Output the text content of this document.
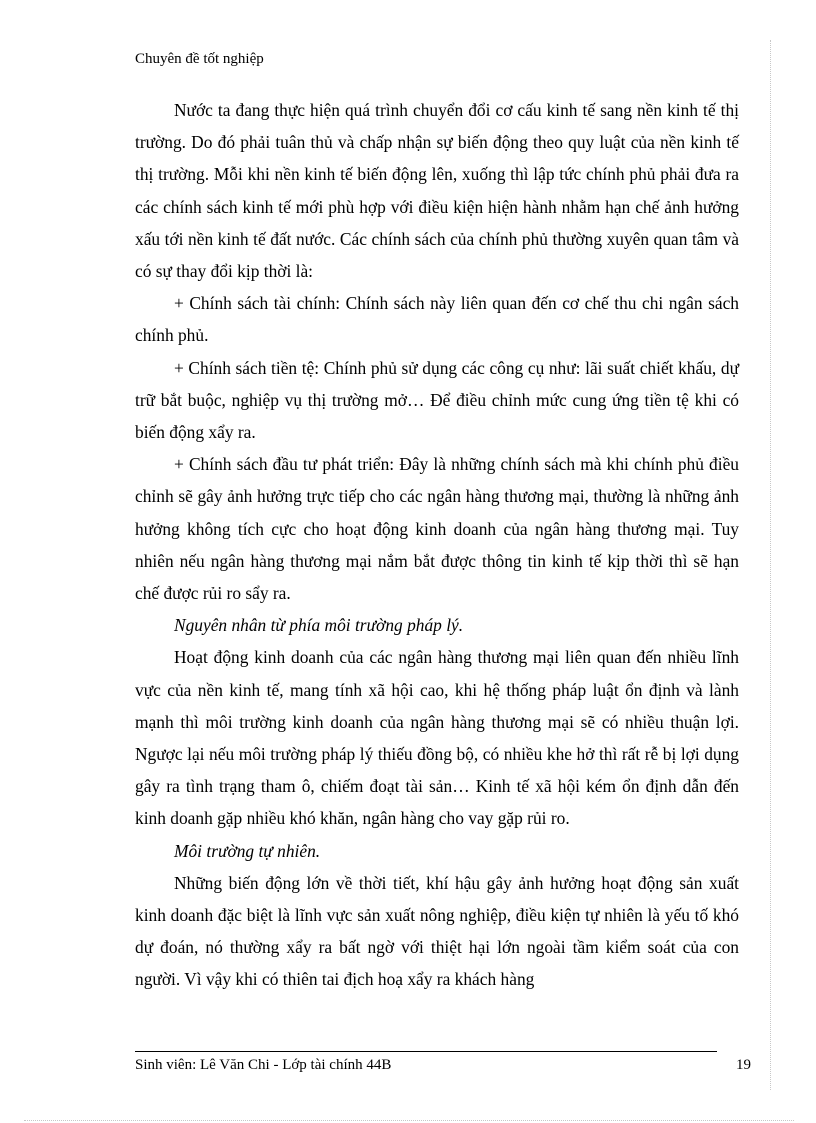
Chuyên đề tốt nghiệp

Nước ta đang thực hiện quá trình chuyển đổi cơ cấu kinh tế sang nền kinh tế thị trường. Do đó phải tuân thủ và chấp nhận sự biến động theo quy luật của nền kinh tế thị trường. Mỗi khi nền kinh tế biến động lên, xuống thì lập tức chính phủ phải đưa ra các chính sách kinh tế mới phù hợp với điều kiện hiện hành nhằm hạn chế ảnh hưởng xấu tới nền kinh tế đất nước. Các chính sách của chính phủ thường xuyên quan tâm và có sự thay đổi kịp thời là:

+ Chính sách tài chính: Chính sách này liên quan đến cơ chế thu chi ngân sách chính phủ.

+ Chính sách tiền tệ: Chính phủ sử dụng các công cụ như: lãi suất chiết khấu, dự trữ bắt buộc, nghiệp vụ thị trường mở… Để điều chỉnh mức cung ứng tiền tệ khi có biến động xẩy ra.

+ Chính sách đầu tư phát triển: Đây là những chính sách mà khi chính phủ điều chỉnh sẽ gây ảnh hưởng trực tiếp cho các ngân hàng thương mại, thường là những ảnh hưởng không tích cực cho hoạt động kinh doanh của ngân hàng thương mại. Tuy nhiên nếu ngân hàng thương mại nắm bắt được thông tin kinh tế kịp thời thì sẽ hạn chế được rủi ro sẩy ra.

Nguyên nhân từ phía môi trường pháp lý.

Hoạt động kinh doanh của các ngân hàng thương mại liên quan đến nhiều lĩnh vực của nền kinh tế, mang tính xã hội cao, khi hệ thống pháp luật ổn định và lành mạnh thì môi trường kinh doanh của ngân hàng thương mại sẽ có nhiều thuận lợi. Ngược lại nếu môi trường pháp lý thiếu đồng bộ, có nhiều khe hở thì rất rễ bị lợi dụng gây ra tình trạng tham ô, chiếm đoạt tài sản… Kinh tế xã hội kém ổn định dẫn đến kinh doanh gặp nhiều khó khăn, ngân hàng cho vay gặp rủi ro.

Môi trường tự nhiên.

Những biến động lớn về thời tiết, khí hậu gây ảnh hưởng hoạt động sản xuất kinh doanh đặc biệt là lĩnh vực sản xuất nông nghiệp, điều kiện tự nhiên là yếu tố khó dự đoán, nó thường xẩy ra bất ngờ với thiệt hại lớn ngoài tầm kiểm soát của con người. Vì vậy khi có thiên tai địch hoạ xẩy ra khách hàng

Sinh viên: Lê Văn Chi - Lớp tài chính 44B	19
